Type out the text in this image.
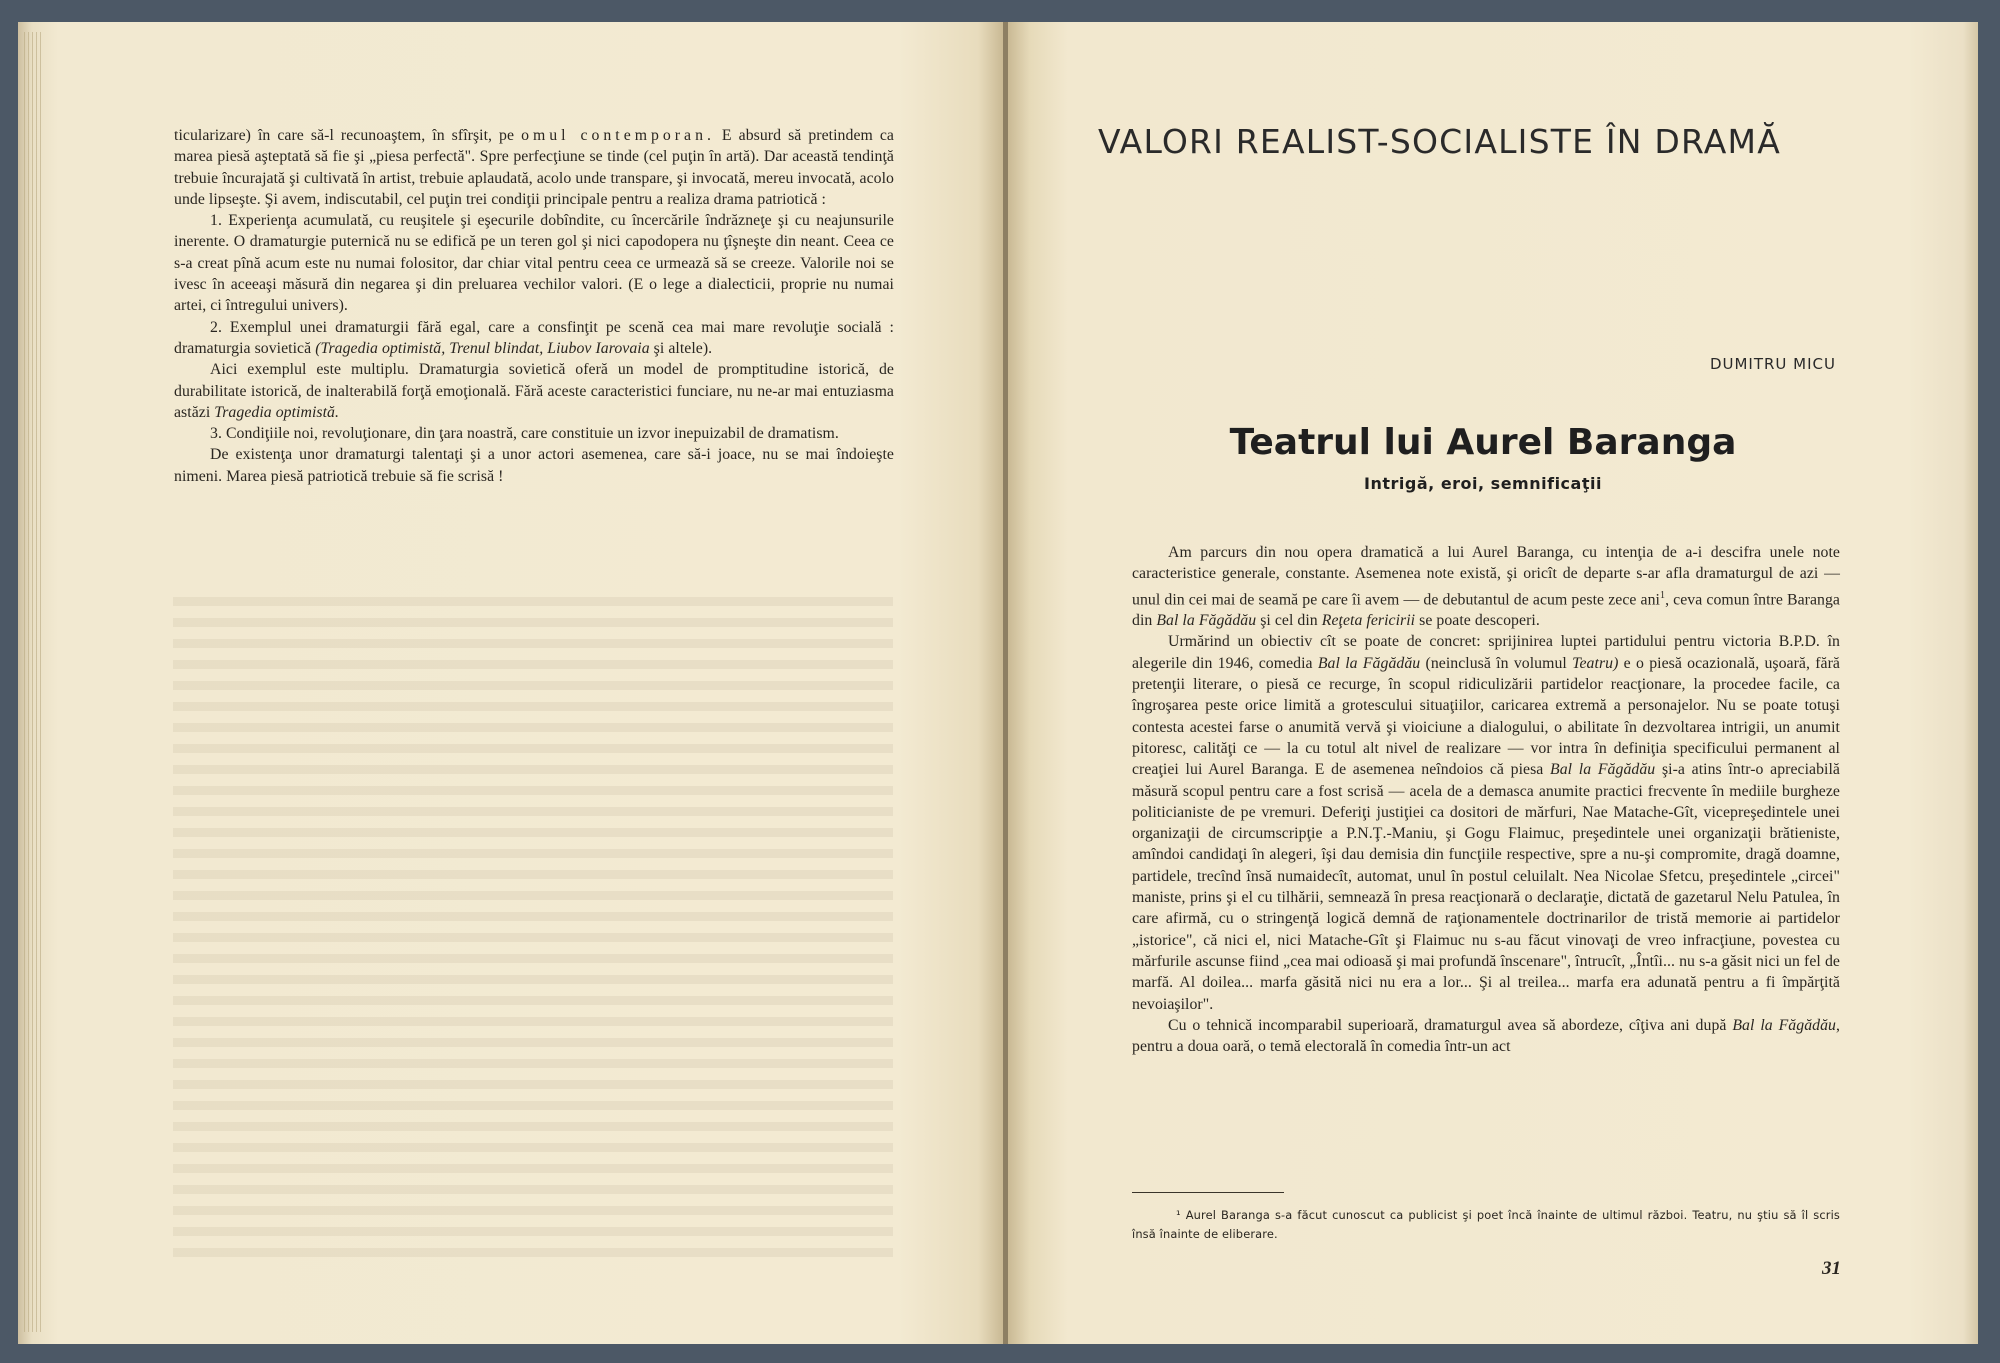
ticularizare) în care să-l recunoaştem, în sfîrşit, pe omul contemporan. E absurd să pretindem ca marea piesă aşteptată să fie şi „piesa perfectă". Spre perfecţiune se tinde (cel puţin în artă). Dar această tendinţă trebuie încurajată şi cultivată în artist, trebuie aplaudată, acolo unde transpare, şi invocată, mereu invocată, acolo unde lipseşte. Şi avem, indiscutabil, cel puţin trei condiţii principale pentru a realiza drama patriotică :

1. Experienţa acumulată, cu reuşitele şi eşecurile dobîndite, cu încercările îndrăzneţe şi cu neajunsurile inerente. O dramaturgie puternică nu se edifică pe un teren gol şi nici capodopera nu ţîşneşte din neant. Ceea ce s-a creat pînă acum este nu numai folositor, dar chiar vital pentru ceea ce urmează să se creeze. Valorile noi se ivesc în aceeaşi măsură din negarea şi din preluarea vechilor valori. (E o lege a dialecticii, proprie nu numai artei, ci întregului univers).

2. Exemplul unei dramaturgii fără egal, care a consfinţit pe scenă cea mai mare revoluţie socială : dramaturgia sovietică (Tragedia optimistă, Trenul blindat, Liubov Iarovaia şi altele).

Aici exemplul este multiplu. Dramaturgia sovietică oferă un model de promptitudine istorică, de durabilitate istorică, de inalterabilă forţă emoţională. Fără aceste caracteristici funciare, nu ne-ar mai entuziasma astăzi Tragedia optimistă.

3. Condiţiile noi, revoluţionare, din ţara noastră, care constituie un izvor inepuizabil de dramatism.

De existenţa unor dramaturgi talentaţi şi a unor actori asemenea, care să-i joace, nu se mai îndoieşte nimeni. Marea piesă patriotică trebuie să fie scrisă !

VALORI REALIST-SOCIALISTE ÎN DRAMĂ

DUMITRU MICU

Teatrul lui Aurel Baranga

Intrigă, eroi, semnificaţii

Am parcurs din nou opera dramatică a lui Aurel Baranga, cu intenţia de a-i descifra unele note caracteristice generale, constante. Asemenea note există, şi oricît de departe s-ar afla dramaturgul de azi — unul din cei mai de seamă pe care îi avem — de debutantul de acum peste zece ani$^1$, ceva comun între Baranga din Bal la Făgădău şi cel din Reţeta fericirii se poate descoperi.

Urmărind un obiectiv cît se poate de concret: sprijinirea luptei partidului pentru victoria B.P.D. în alegerile din 1946, comedia Bal la Făgădău (neinclusă în volumul Teatru) e o piesă ocazională, uşoară, fără pretenţii literare, o piesă ce recurge, în scopul ridiculizării partidelor reacţionare, la procedee facile, ca îngroşarea peste orice limită a grotescului situaţiilor, caricarea extremă a personajelor. Nu se poate totuşi contesta acestei farse o anumită vervă şi vioiciune a dialogului, o abilitate în dezvoltarea intrigii, un anumit pitoresc, calităţi ce — la cu totul alt nivel de realizare — vor intra în definiţia specificului permanent al creaţiei lui Aurel Baranga. E de asemenea neîndoios că piesa Bal la Făgădău şi-a atins într-o apreciabilă măsură scopul pentru care a fost scrisă — acela de a demasca anumite practici frecvente în mediile burgheze politicianiste de pe vremuri. Deferiţi justiţiei ca dositori de mărfuri, Nae Matache-Gît, vicepreşedintele unei organizaţii de circumscripţie a P.N.Ţ.-Maniu, şi Gogu Flaimuc, preşedintele unei organizaţii brătieniste, amîndoi candidaţi în alegeri, îşi dau demisia din funcţiile respective, spre a nu-şi compromite, dragă doamne, partidele, trecînd însă numaidecît, automat, unul în postul celuilalt. Nea Nicolae Sfetcu, preşedintele „circei" maniste, prins şi el cu tilhării, semnează în presa reacţionară o declaraţie, dictată de gazetarul Nelu Patulea, în care afirmă, cu o stringenţă logică demnă de raţionamentele doctrinarilor de tristă memorie ai partidelor „istorice", că nici el, nici Matache-Gît şi Flaimuc nu s-au făcut vinovaţi de vreo infracţiune, povestea cu mărfurile ascunse fiind „cea mai odioasă şi mai profundă înscenare", întrucît, „Întîi... nu s-a găsit nici un fel de marfă. Al doilea... marfa găsită nici nu era a lor... Şi al treilea... marfa era adunată pentru a fi împărţită nevoiaşilor".

Cu o tehnică incomparabil superioară, dramaturgul avea să abordeze, cîţiva ani după Bal la Făgădău, pentru a doua oară, o temă electorală în comedia într-un act

¹ Aurel Baranga s-a făcut cunoscut ca publicist şi poet încă înainte de ultimul război. Teatru, nu ştiu să îl scris însă înainte de eliberare.

31
